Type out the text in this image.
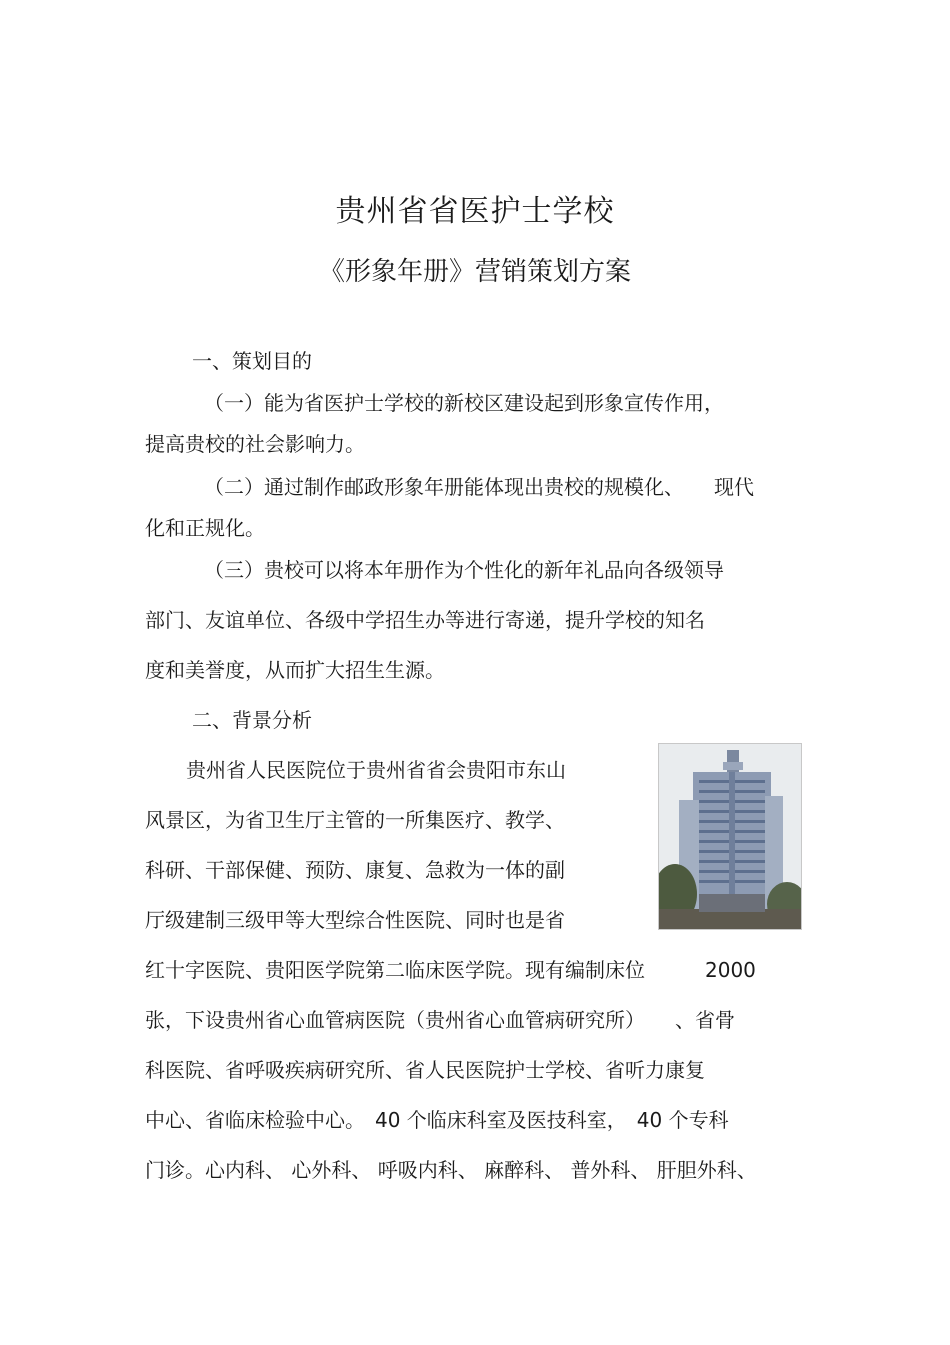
贵州省省医护士学校
《形象年册》营销策划方案
一、策划目的
（一）能为省医护士学校的新校区建设起到形象宣传作用，
提高贵校的社会影响力。
（二）通过制作邮政形象年册能体现出贵校的规模化、　　现代
化和正规化。
（三）贵校可以将本年册作为个性化的新年礼品向各级领导
部门、友谊单位、各级中学招生办等进行寄递，提升学校的知名
度和美誉度，从而扩大招生生源。
二、背景分析
贵州省人民医院位于贵州省省会贵阳市东山
风景区，为省卫生厅主管的一所集医疗、教学、
科研、干部保健、预防、康复、急救为一体的副
厅级建制三级甲等大型综合性医院、同时也是省
红十字医院、贵阳医学院第二临床医学院。现有编制床位　　　2000
张，下设贵州省心血管病医院（贵州省心血管病研究所）　　、省骨
科医院、省呼吸疾病研究所、省人民医院护士学校、省听力康复
中心、省临床检验中心。　40 个临床科室及医技科室，　40 个专科
门诊。心内科、 心外科、 呼吸内科、 麻醉科、 普外科、 肝胆外科、
